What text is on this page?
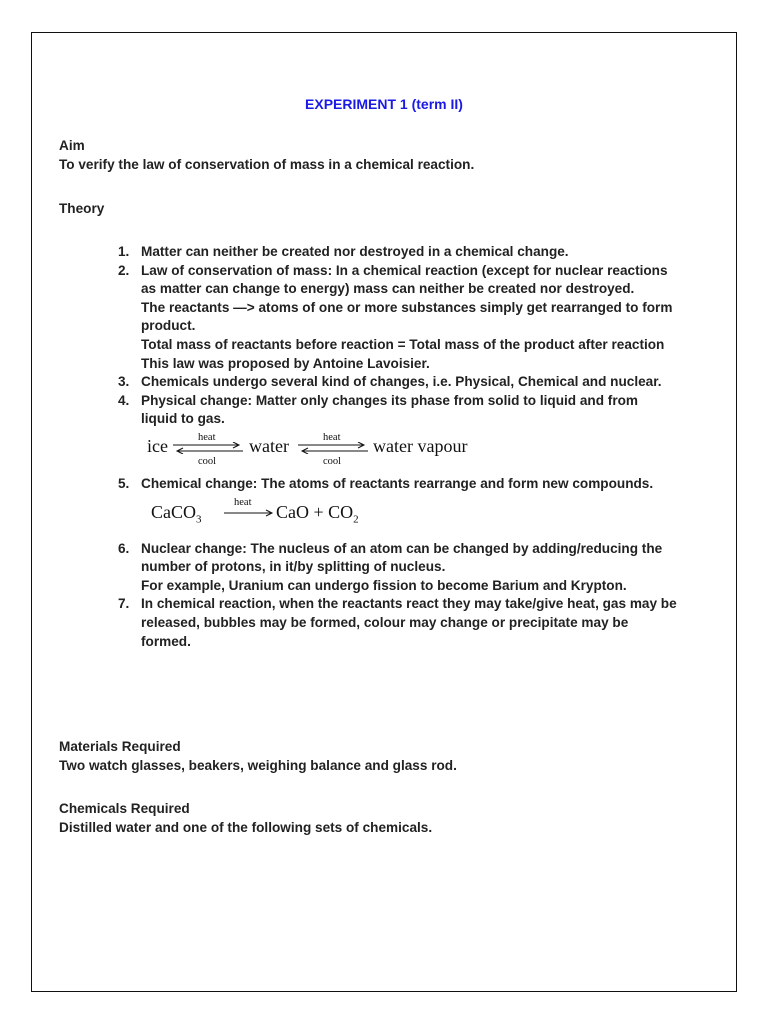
EXPERIMENT 1 (term II)
Aim
To verify the law of conservation of mass in a chemical reaction.
Theory
1. Matter can neither be created nor destroyed in a chemical change.
2. Law of conservation of mass: In a chemical reaction (except for nuclear reactions as matter can change to energy) mass can neither be created nor destroyed.
The reactants —> atoms of one or more substances simply get rearranged to form product.
Total mass of reactants before reaction = Total mass of the product after reaction
This law was proposed by Antoine Lavoisier.
3. Chemicals undergo several kind of changes, i.e. Physical, Chemical and nuclear.
4. Physical change: Matter only changes its phase from solid to liquid and from liquid to gas.
ice	heat
cool
water	heat
cool
water vapour
5. Chemical change: The atoms of reactants rearrange and form new compounds.
CaCO$_3$
heat CaO + $CO_2$
6. Nuclear change: The nucleus of an atom can be changed by adding/reducing the number of protons, in it/by splitting of nucleus.
For example, Uranium can undergo fission to become Barium and Krypton.
7. In chemical reaction, when the reactants react they may take/give heat, gas may be released, bubbles may be formed, colour may change or precipitate may be formed.
Materials Required
Two watch glasses, beakers, weighing balance and glass rod.
Chemicals Required
Distilled water and one of the following sets of chemicals.
